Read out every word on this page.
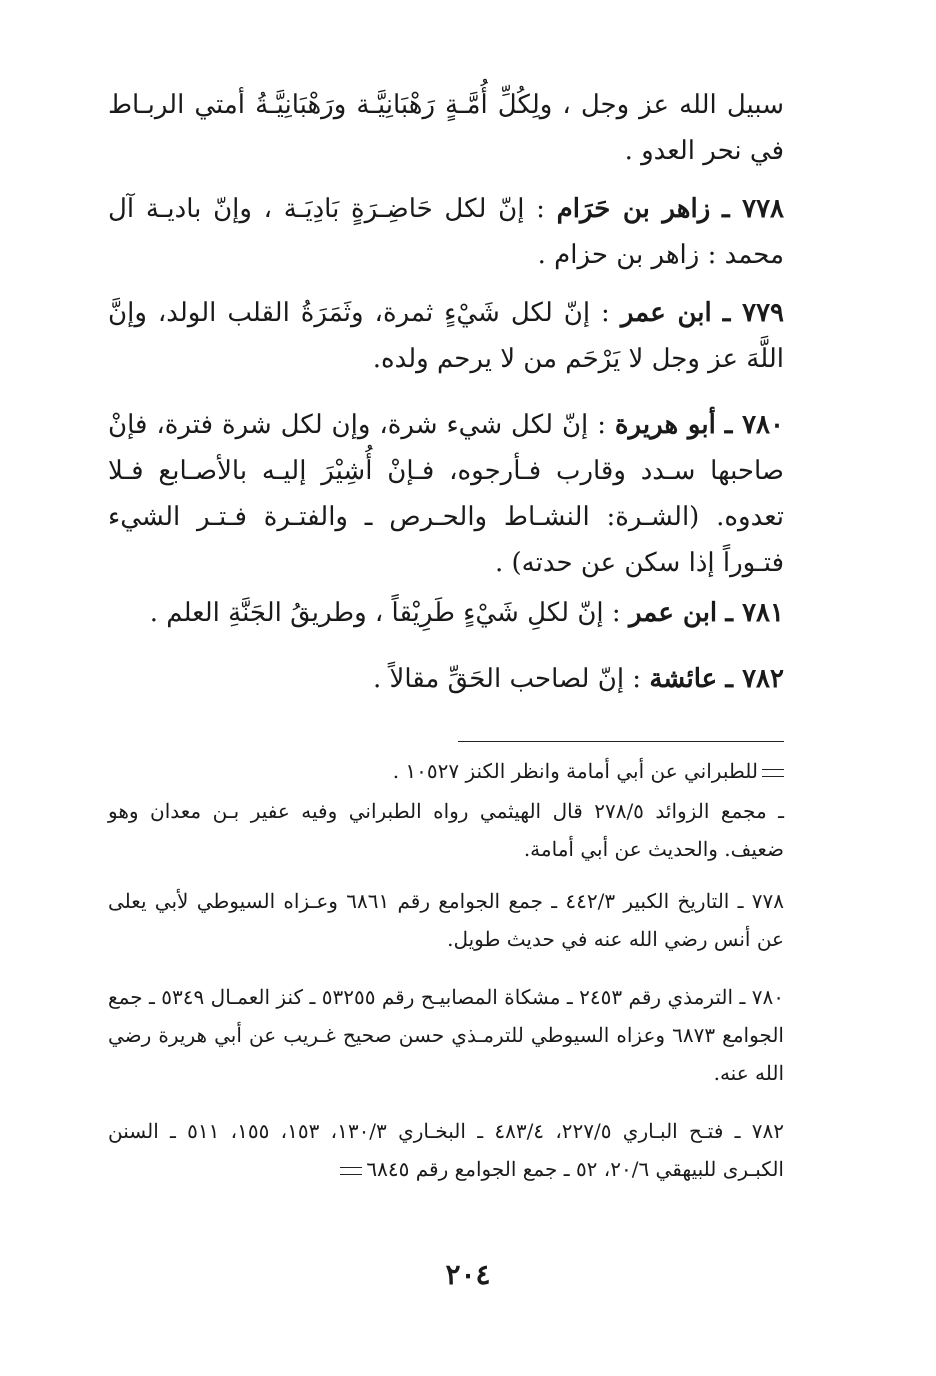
سبيل الله عز وجل ، ولِكُلِّ أُمَّـةٍ رَهْبَانِيَّـة ورَهْبَانِيَّـةُ أمتي الربـاط في نحر العدو .
٧٧٨ ـ زاهر بن حَرَام : إنّ لكل حَاضِـرَةٍ بَادِيَـة ، وإنّ باديـة آل محمد : زاهر بن حزام .
٧٧٩ ـ ابن عمر : إنّ لكل شَيْءٍ ثمرة، وثَمَرَةُ القلب الولد، وإنَّ اللَّهَ عز وجل لا يَرْحَم من لا يرحم ولده.
٧٨٠ ـ أبو هريرة : إنّ لكل شيء شرة، وإن لكل شرة فترة، فإنْ صاحبها سـدد وقارب فـأرجوه، فـإنْ أُشِيْرَ إليـه بالأصـابع فـلا تعدوه. (الشـرة: النشـاط والحـرص ـ والفتـرة فـتـر الشيء فتـوراً إذا سكن عن حدته) .
٧٨١ ـ ابن عمر : إنّ لكلِ شَيْءٍ طَرِيْقاً ، وطريقُ الجَنَّةِ العلم .
٧٨٢ ـ عائشة : إنّ لصاحب الحَقِّ مقالاً .
للطبراني عن أبي أمامة وانظر الكنز ١٠٥٢٧ .
ـ مجمع الزوائد ٢٧٨/٥ قال الهيثمي رواه الطبراني وفيه عفير بـن معدان وهو ضعيف. والحديث عن أبي أمامة.
٧٧٨ ـ التاريخ الكبير ٤٤٢/٣ ـ جمع الجوامع رقم ٦٨٦١ وعـزاه السيوطي لأبي يعلى عن أنس رضي الله عنه في حديث طويل.
٧٨٠ ـ الترمذي رقم ٢٤٥٣ ـ مشكاة المصابيـح رقم ٥٣٢٥٥ ـ كنز العمـال ٥٣٤٩ ـ جمع الجوامع ٦٨٧٣ وعزاه السيوطي للترمـذي حسن صحيح غـريب عن أبي هريرة رضي الله عنه.
٧٨٢ ـ فتـح البـاري ٢٢٧/٥، ٤٨٣/٤ ـ البخـاري ١٣٠/٣، ١٥٣، ١٥٥، ٥١١ ـ السنن الكبـرى للبيهقي ٢٠/٦، ٥٢ ـ جمع الجوامع رقم ٦٨٤٥
٢٠٤
